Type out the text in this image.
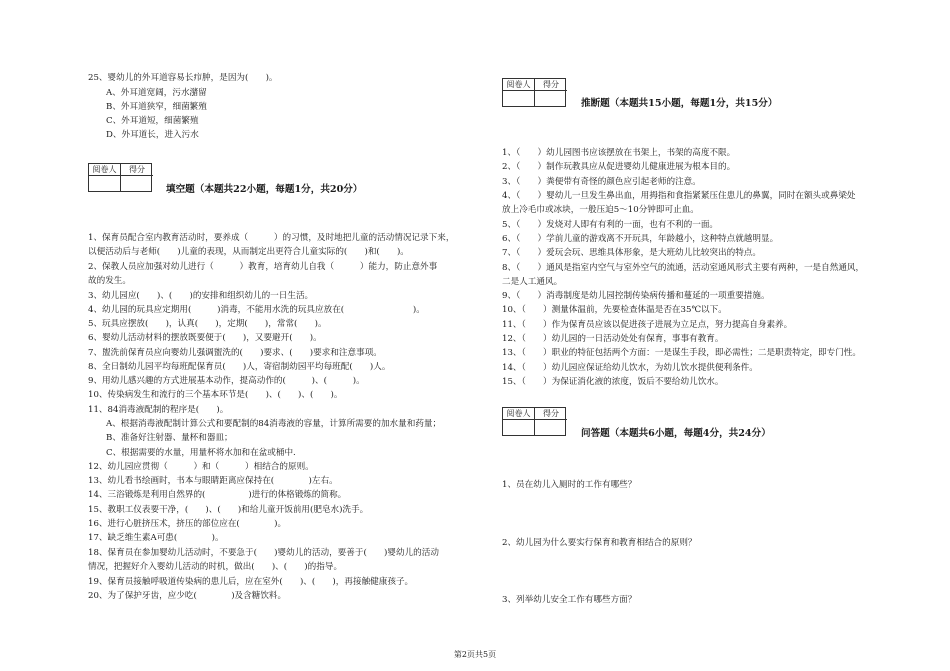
25、婴幼儿的外耳道容易长疖肿，是因为(　　)。
A、外耳道宽阔，污水潴留
B、外耳道狭窄，细菌繁殖
C、外耳道短，细菌繁殖
D、外耳道长，进入污水
阅卷人	得分
填空题（本题共22小题，每题1分，共20分）
1、保育员配合室内教育活动时，要养成（　　　）的习惯，及时地把儿童的活动情况记录下来，
以便活动后与老师(　　)儿童的表现，从而制定出更符合儿童实际的(　　)和(　　)。
2、保教人员应加强对幼儿进行（　　　）教育，培育幼儿自我（　　　）能力，防止意外事
故的发生。
3、幼儿园应(　　)、(　　)的安排和组织幼儿的一日生活。
4、幼儿园的玩具应定期用(　　　)消毒，不能用水洗的玩具应放在(　　　　　　　　)。
5、玩具应摆放(　　)，认真(　　)，定期(　　)，常常(　　)。
6、婴幼儿活动材料的摆放既要便于(　　)，又要避开(　　)。
7、盥洗前保育员应向婴幼儿强调盥洗的(　　)要求、(　　)要求和注意事项。
8、全日制幼儿园平均每班配保育员(　　)人，寄宿制幼园平均每班配(　　)人。
9、用幼儿感兴趣的方式进展基本动作，提高动作的(　　　)、(　　　)。
10、传染病发生和流行的三个基本环节是(　　)、(　　)、(　　)。
11、84消毒液配制的程序是(　　)。
A、根据消毒液配制计算公式和要配制的84消毒液的容量，计算所需要的加水量和药量；
B、准备好注射器、量杯和器皿；
C、根据需要的水量，用量杯将水加和在盆或桶中.
12、幼儿园应贯彻（　　　）和（　　　）相结合的原则。
13、幼儿看书绘画时，书本与眼睛距离应保持在(　　　　)左右。
14、三浴锻炼是利用自然界的(　　　　　)进行的体格锻炼的简称。
15、教职工仪表要干净，(　　)、(　　)和给儿童开饭前用(肥皂水)洗手。
16、进行心脏挤压术，挤压的部位应在(　　　　)。
17、缺乏维生素A可患(　　　　)。
18、保育员在参加婴幼儿活动时，不要急于(　　)婴幼儿的活动，要善于(　　)婴幼儿的活动
情况，把握好介入婴幼儿活动的时机，做出(　　)、(　　)的指导。
19、保育员接触呼吸道传染病的患儿后，应在室外(　　)、(　　)，再接触健康孩子。
20、为了保护牙齿，应少吃(　　　　)及含糖饮料。
阅卷人	得分
推断题（本题共15小题，每题1分，共15分）
1、（　　）幼儿园图书应该摆放在书架上，书架的高度不限。
2、（　　）制作玩教具应从促进婴幼儿健康进展为根本目的。
3、（　　）粪便带有奇怪的颜色应引起老师的注意。
4、（　　）婴幼儿一旦发生鼻出血，用拇指和食指紧紧压住患儿的鼻翼，同时在额头或鼻梁处
放上冷毛巾或冰块，一般压迫5～10分钟即可止血。
5、（　　）发烧对人即有有利的一面，也有不利的一面。
6、（　　）学前儿童的游戏离不开玩具，年龄越小，这种特点就越明显。
7、（　　）爱玩会玩、思维具体形象，是大班幼儿比较突出的特点。
8、（　　）通风是指室内空气与室外空气的流通，活动室通风形式主要有两种，一是自然通风，
二是人工通风。
9、（　　）消毒制度是幼儿园控制传染病传播和蔓延的一项重要措施。
10、（　　）测量体温前，先要检查体温是否在35℃以下。
11、（　　）作为保育员应该以促进孩子进展为立足点，努力提高自身素养。
12、（　　）幼儿园的一日活动处处有保育，事事有教育。
13、（　　）职业的特征包括两个方面：一是谋生手段，即必需性；二是职责特定，即专门性。
14、（　　）幼儿园应保证给幼儿饮水，为幼儿饮水提供便利条件。
15、（　　）为保证消化液的浓度，饭后不要给幼儿饮水。
阅卷人	得分
问答题（本题共6小题，每题4分，共24分）
1、员在幼儿入厕时的工作有哪些？
2、幼儿园为什么要实行保育和教育相结合的原则？
3、列举幼儿安全工作有哪些方面？
第2页共5页
